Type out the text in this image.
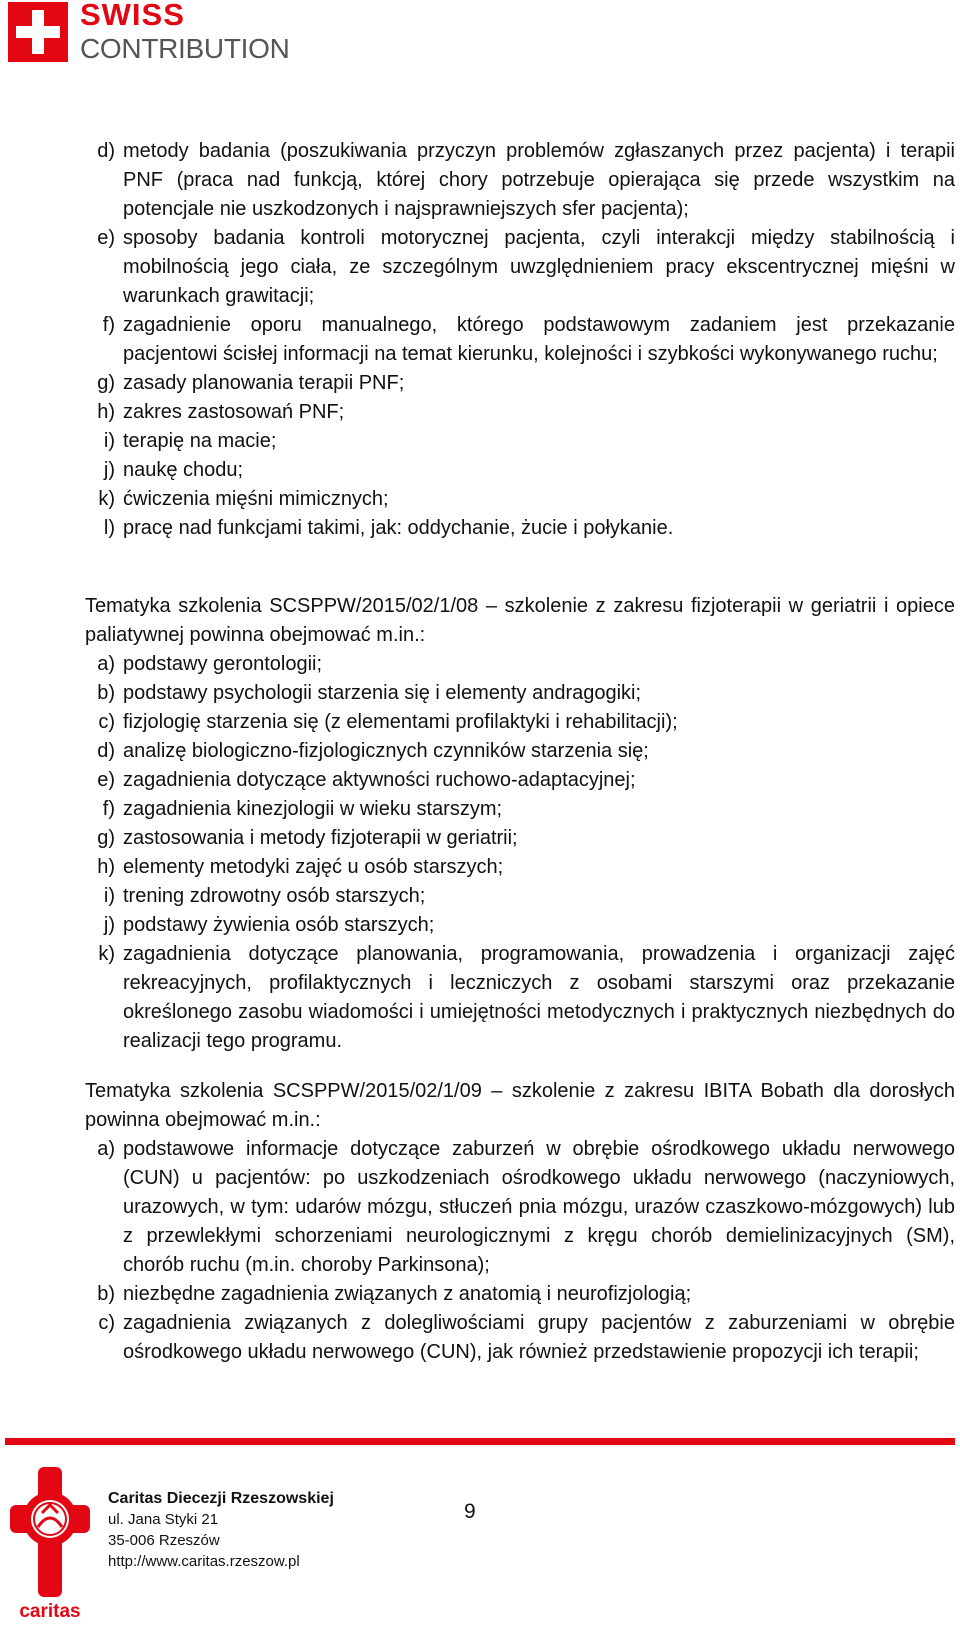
SWISS
CONTRIBUTION
d) metody badania (poszukiwania przyczyn problemów zgłaszanych przez pacjenta) i terapii PNF (praca nad funkcją, której chory potrzebuje opierająca się przede wszystkim na potencjale nie uszkodzonych i najsprawniejszych sfer pacjenta);
e) sposoby badania kontroli motorycznej pacjenta, czyli interakcji między stabilnością i mobilnością jego ciała, ze szczególnym uwzględnieniem pracy ekscentrycznej mięśni w warunkach grawitacji;
f) zagadnienie oporu manualnego, którego podstawowym zadaniem jest przekazanie pacjentowi ścisłej informacji na temat kierunku, kolejności i szybkości wykonywanego ruchu;
g) zasady planowania terapii PNF;
h) zakres zastosowań PNF;
i) terapię na macie;
j) naukę chodu;
k) ćwiczenia mięśni mimicznych;
l) pracę nad funkcjami takimi, jak: oddychanie, żucie i połykanie.

Tematyka szkolenia SCSPPW/2015/02/1/08 – szkolenie z zakresu fizjoterapii w geriatrii i opiece paliatywnej powinna obejmować m.in.:

a) podstawy gerontologii;
b) podstawy psychologii starzenia się i elementy andragogiki;
c) fizjologię starzenia się (z elementami profilaktyki i rehabilitacji);
d) analizę biologiczno-fizjologicznych czynników starzenia się;
e) zagadnienia dotyczące aktywności ruchowo-adaptacyjnej;
f) zagadnienia kinezjologii w wieku starszym;
g) zastosowania i metody fizjoterapii w geriatrii;
h) elementy metodyki zajęć u osób starszych;
i) trening zdrowotny osób starszych;
j) podstawy żywienia osób starszych;
k) zagadnienia dotyczące planowania, programowania, prowadzenia i organizacji zajęć rekreacyjnych, profilaktycznych i leczniczych z osobami starszymi oraz przekazanie określonego zasobu wiadomości i umiejętności metodycznych i praktycznych niezbędnych do realizacji tego programu.

Tematyka szkolenia SCSPPW/2015/02/1/09 – szkolenie z zakresu IBITA Bobath dla dorosłych powinna obejmować m.in.:

a) podstawowe informacje dotyczące zaburzeń w obrębie ośrodkowego układu nerwowego (CUN) u pacjentów: po uszkodzeniach ośrodkowego układu nerwowego (naczyniowych, urazowych, w tym: udarów mózgu, stłuczeń pnia mózgu, urazów czaszkowo-mózgowych) lub z przewlekłymi schorzeniami neurologicznymi z kręgu chorób demielinizacyjnych (SM), chorób ruchu (m.in. choroby Parkinsona);
b) niezbędne zagadnienia związanych z anatomią i neurofizjologią;
c) zagadnienia związanych z dolegliwościami grupy pacjentów z zaburzeniami w obrębie ośrodkowego układu nerwowego (CUN), jak również przedstawienie propozycji ich terapii;
caritas
Caritas Diecezji Rzeszowskiej
ul. Jana Styki 21
35-006 Rzeszów
http://www.caritas.rzeszow.pl
9
